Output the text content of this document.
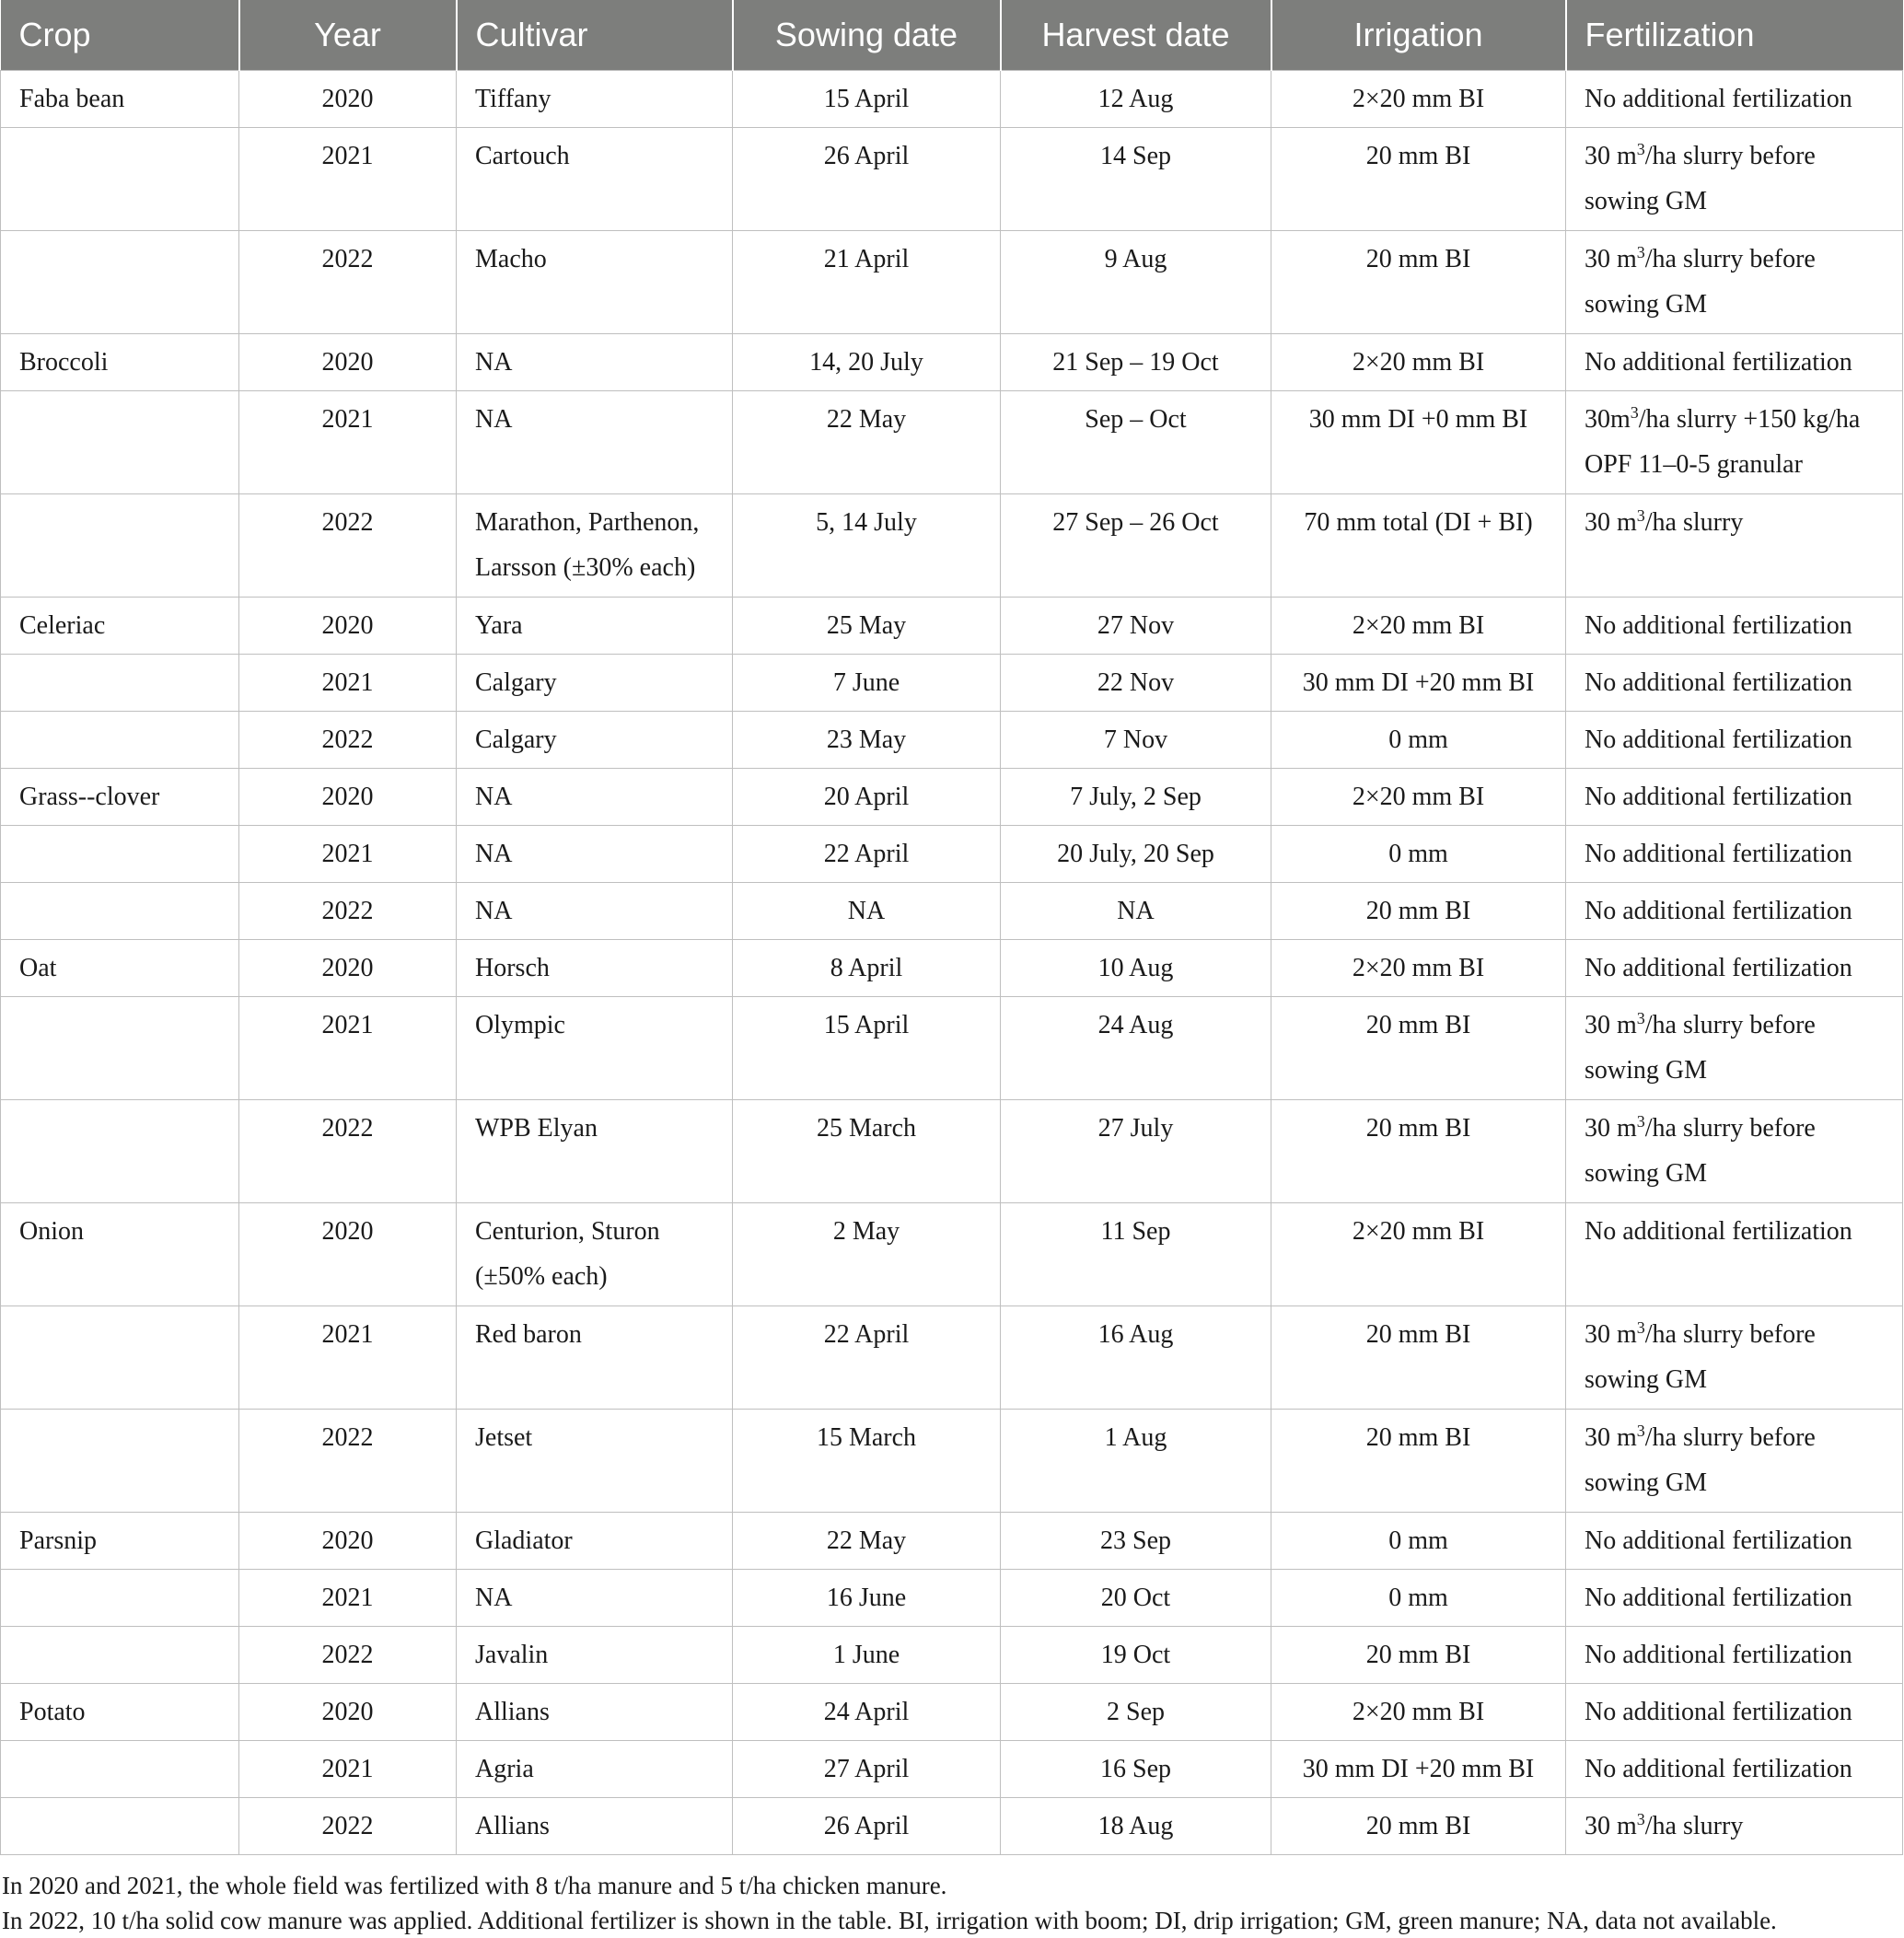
Crop	Year	Cultivar	Sowing date	Harvest date	Irrigation	Fertilization

Faba bean	2020	Tiffany	15 April	12 Aug	2×20 mm BI	No additional fertilization

	2021	Cartouch	26 April	14 Sep	20 mm BI	30 $m^3/ha$ slurry before
sowing GM

	2022	Macho	21 April	9 Aug	20 mm BI	30 $m^3/ha$ slurry before
sowing GM

Broccoli	2020	NA	14, 20 July	21 Sep – 19 Oct	2×20 mm BI	No additional fertilization

	2021	NA	22 May	Sep – Oct	30 mm DI +0 mm BI	$30m^3/ha$ slurry +150 kg/ha
OPF 11–0-5 granular

	2022	Marathon, Parthenon,
Larsson (±30% each)	5, 14 July	27 Sep – 26 Oct	70 mm total (DI + BI)	30 $m^3/ha$ slurry

Celeriac	2020	Yara	25 May	27 Nov	2×20 mm BI	No additional fertilization

	2021	Calgary	7 June	22 Nov	30 mm DI +20 mm BI	No additional fertilization

	2022	Calgary	23 May	7 Nov	0 mm	No additional fertilization

Grass--clover	2020	NA	20 April	7 July, 2 Sep	2×20 mm BI	No additional fertilization

	2021	NA	22 April	20 July, 20 Sep	0 mm	No additional fertilization

	2022	NA	NA	NA	20 mm BI	No additional fertilization

Oat	2020	Horsch	8 April	10 Aug	2×20 mm BI	No additional fertilization

	2021	Olympic	15 April	24 Aug	20 mm BI	30 $m^3/ha$ slurry before
sowing GM

	2022	WPB Elyan	25 March	27 July	20 mm BI	30 $m^3/ha$ slurry before
sowing GM

Onion	2020	Centurion, Sturon
(±50% each)	2 May	11 Sep	2×20 mm BI	No additional fertilization

	2021	Red baron	22 April	16 Aug	20 mm BI	30 $m^3/ha$ slurry before
sowing GM

	2022	Jetset	15 March	1 Aug	20 mm BI	30 $m^3/ha$ slurry before
sowing GM

Parsnip	2020	Gladiator	22 May	23 Sep	0 mm	No additional fertilization

	2021	NA	16 June	20 Oct	0 mm	No additional fertilization

	2022	Javalin	1 June	19 Oct	20 mm BI	No additional fertilization

Potato	2020	Allians	24 April	2 Sep	2×20 mm BI	No additional fertilization

	2021	Agria	27 April	16 Sep	30 mm DI +20 mm BI	No additional fertilization

	2022	Allians	26 April	18 Aug	20 mm BI	30 $m^3/ha$ slurry
In 2020 and 2021, the whole field was fertilized with 8 t/ha manure and 5 t/ha chicken manure.
In 2022, 10 t/ha solid cow manure was applied. Additional fertilizer is shown in the table. BI, irrigation with boom; DI, drip irrigation; GM, green manure; NA, data not available.
